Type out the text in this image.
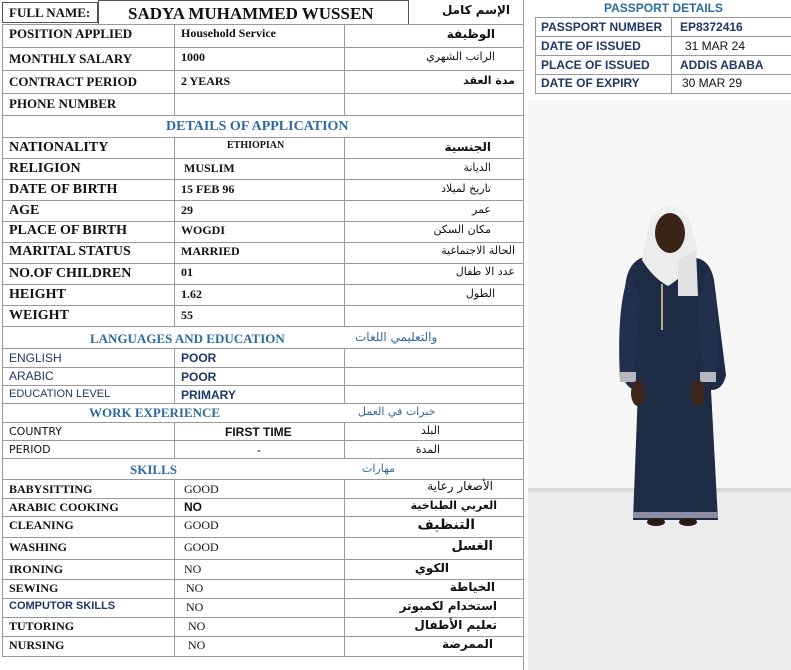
FULL NAME: SADYA MUHAMMED WUSSEN	الإسم كامل
POSITION APPLIED	Household Service	الوظيفة
MONTHLY SALARY	1000	الراتب الشهري
CONTRACT PERIOD	2 YEARS	مدة العقد
PHONE NUMBER
DETAILS OF APPLICATION
NATIONALITY	ETHIOPIAN	الجنسية
RELIGION	MUSLIM	الديانة
DATE OF BIRTH	15 FEB 96	تاريخ لميلاد
AGE	29	عمر
PLACE OF BIRTH	WOGDI	مكان السكن
MARITAL STATUS	MARRIED	الحالة الاجتماغية
NO.OF CHILDREN	01	عدد الا طفال
HEIGHT	1.62	الطول
WEIGHT	55
LANGUAGES AND EDUCATION	والتعليمي اللغات
ENGLISH	POOR
ARABIC	POOR
EDUCATION LEVEL	PRIMARY
WORK EXPERIENCE	خبرات في العمل
COUNTRY	FIRST TIME	البلد
PERIOD	-	المدة
SKILLS	مهارات
BABYSITTING	GOOD	الأصغار رعاية
ARABIC COOKING	NO	العربي الطباخية
CLEANING	GOOD	التنظيف
WASHING	GOOD	الغسل
IRONING	NO	الكوي
SEWING	NO	الخياطة
COMPUTOR SKILLS	NO	استخدام لكمبوتر
TUTORING	NO	تعليم الأطفال
NURSING	NO	الممرضة
PASSPORT DETAILS
PASSPORT NUMBER EP8372416
DATE OF ISSUED	31 MAR 24
PLACE OF ISSUED	ADDIS ABABA
DATE OF EXPIRY	30 MAR 29
